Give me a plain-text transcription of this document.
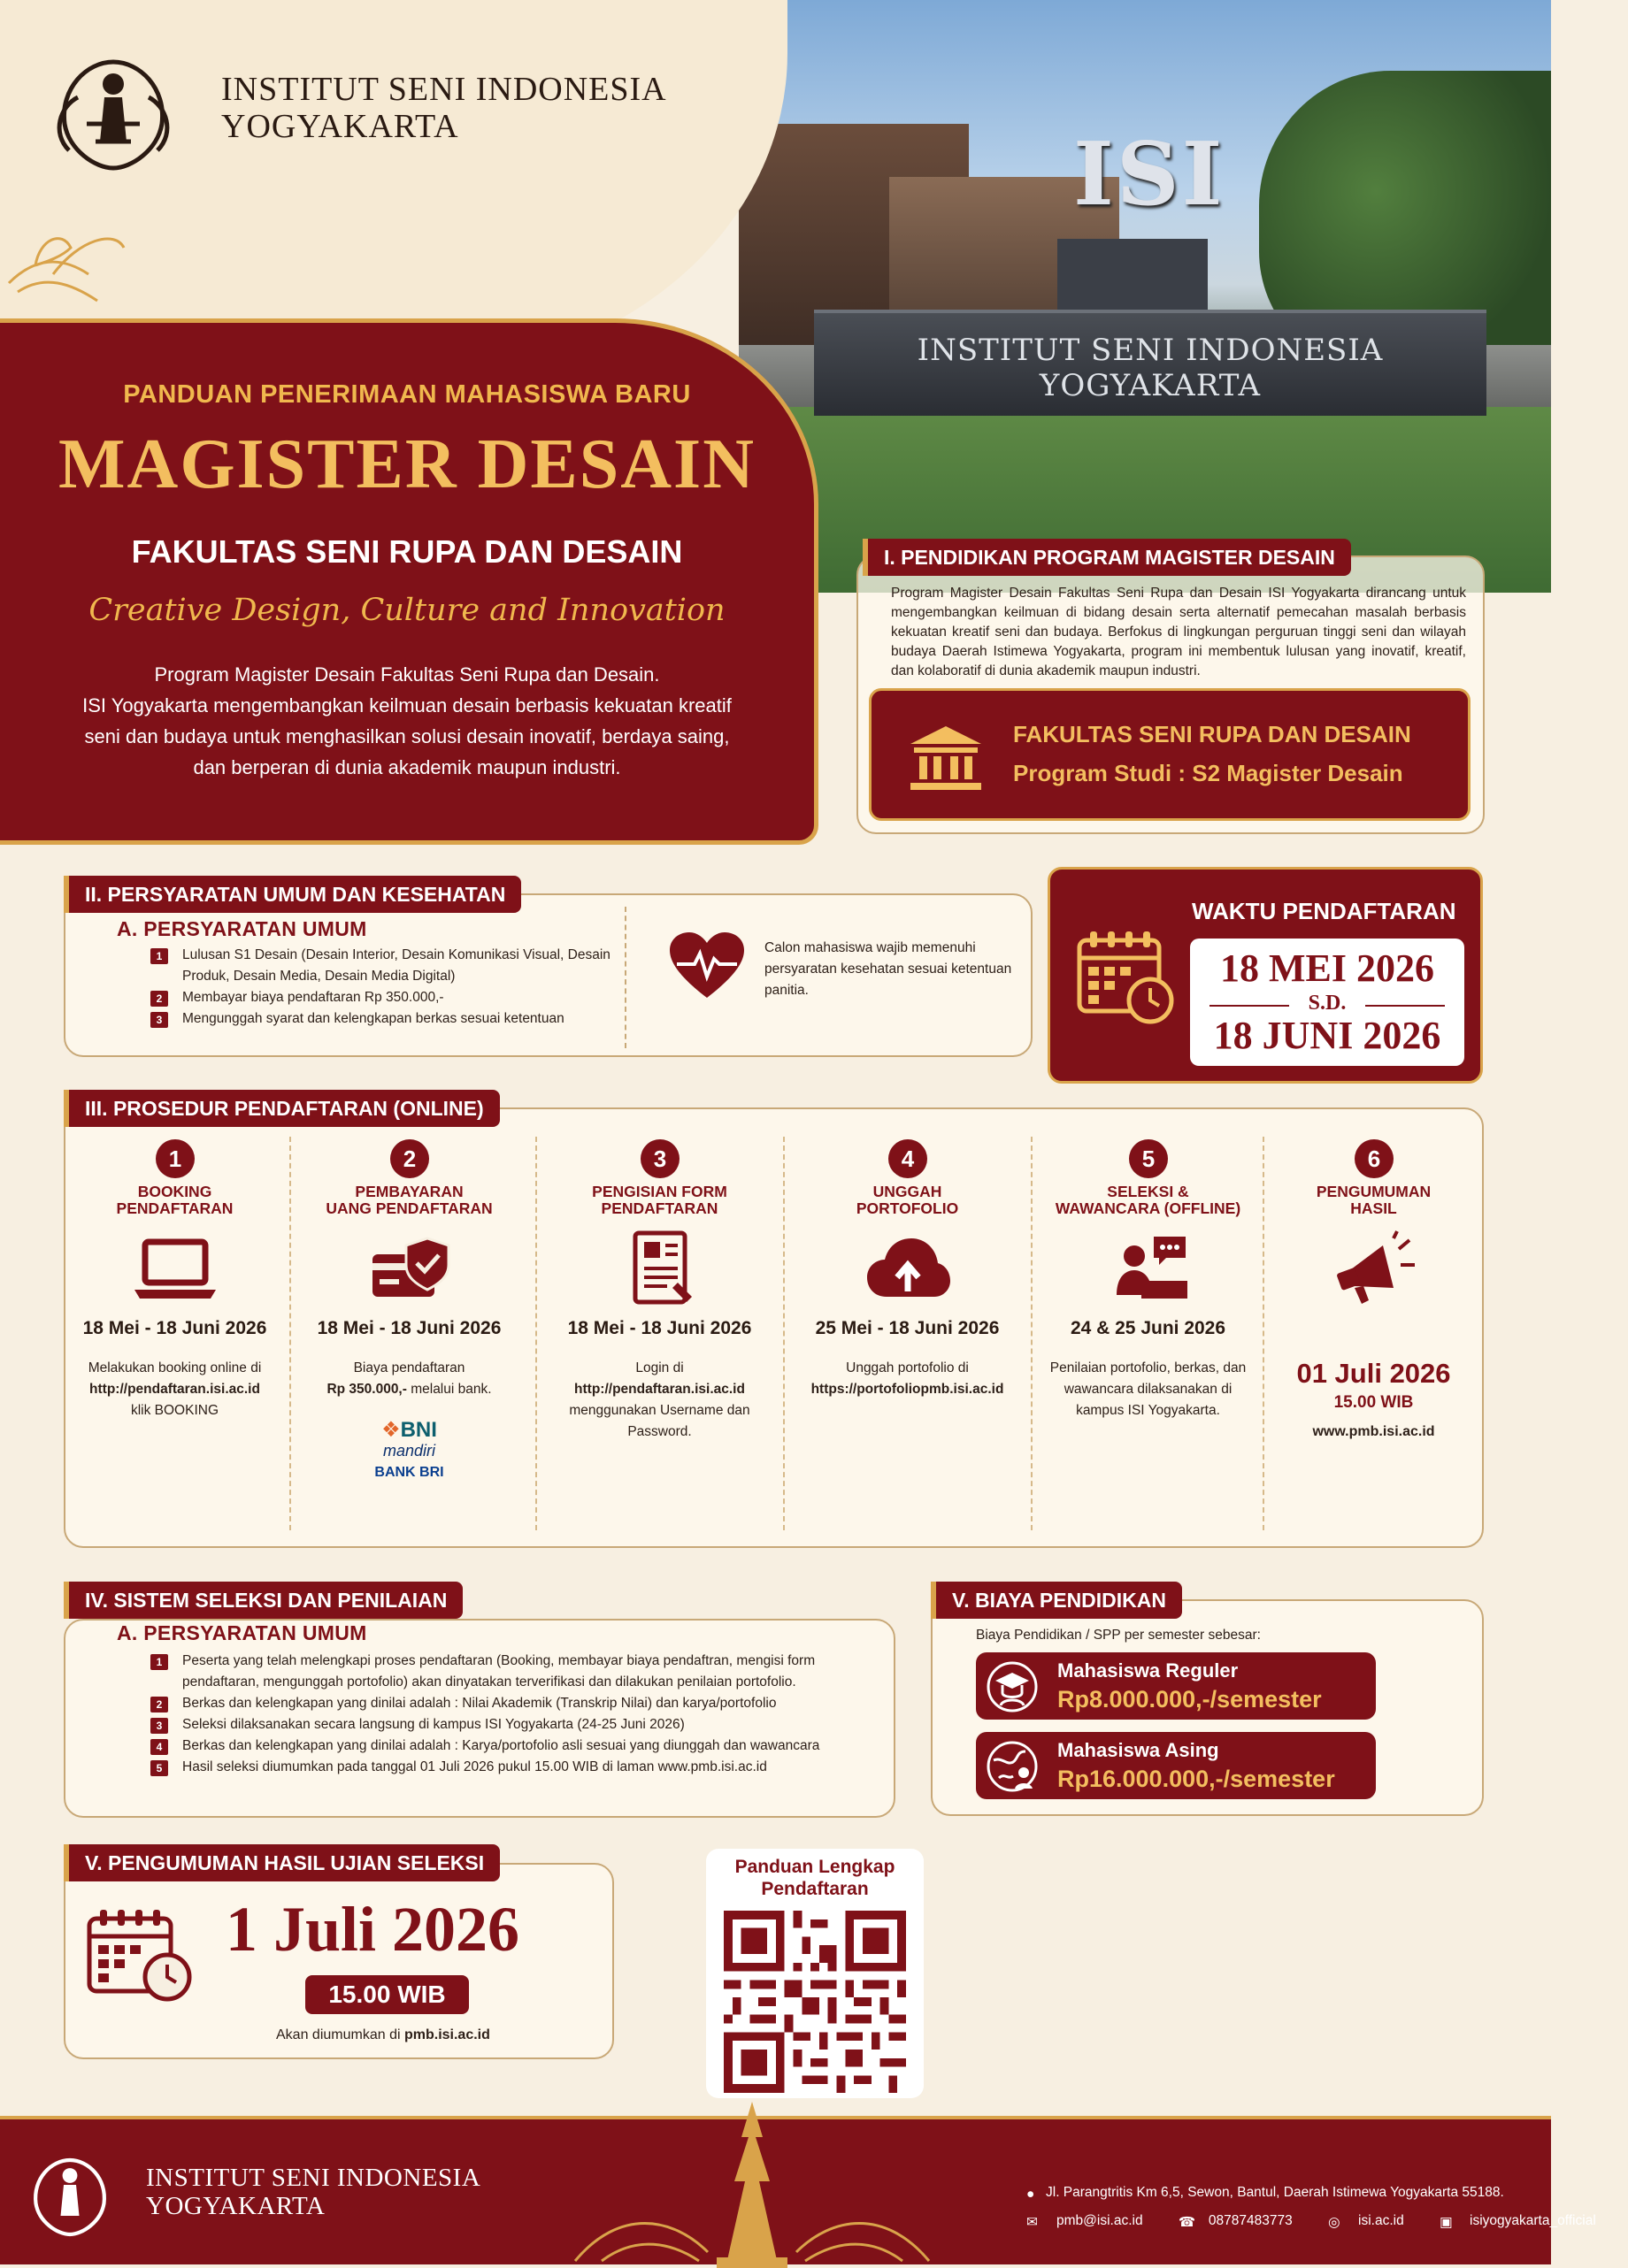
ISI
INSTITUT SENI INDONESIA YOGYAKARTA
INSTITUT SENI INDONESIA
YOGYAKARTA
PANDUAN PENERIMAAN MAHASISWA BARU
MAGISTER DESAIN
FAKULTAS SENI RUPA DAN DESAIN
Creative Design, Culture and Innovation
Program Magister Desain Fakultas Seni Rupa dan Desain.
ISI Yogyakarta mengembangkan keilmuan desain berbasis kekuatan kreatif
seni dan budaya untuk menghasilkan solusi desain inovatif, berdaya saing,
dan berperan di dunia akademik maupun industri.
I. PENDIDIKAN PROGRAM MAGISTER DESAIN
Program Magister Desain Fakultas Seni Rupa dan Desain ISI Yogyakarta dirancang untuk mengembangkan keilmuan di bidang desain serta alternatif pemecahan masalah berbasis kekuatan kreatif seni dan budaya. Berfokus di lingkungan perguruan tinggi seni dan wilayah budaya Daerah Istimewa Yogyakarta, program ini membentuk lulusan yang inovatif, kreatif, dan kolaboratif di dunia akademik maupun industri.
FAKULTAS SENI RUPA DAN DESAIN
Program Studi : S2 Magister Desain
II. PERSYARATAN UMUM DAN KESEHATAN
A. PERSYARATAN UMUM
1	Lulusan S1 Desain (Desain Interior, Desain Komunikasi Visual, Desain Produk, Desain Media, Desain Media Digital)
2	Membayar biaya pendaftaran Rp 350.000,-
3	Mengunggah syarat dan kelengkapan berkas sesuai ketentuan
Calon mahasiswa wajib memenuhi persyaratan kesehatan sesuai ketentuan panitia.
WAKTU PENDAFTARAN
18 MEI 2026
S.D.
18 JUNI 2026
III. PROSEDUR PENDAFTARAN (ONLINE)
1
BOOKING
PENDAFTARAN
18 Mei - 18 Juni 2026
Melakukan booking online di
http://pendaftaran.isi.ac.id
klik BOOKING
2
PEMBAYARAN
UANG PENDAFTARAN
18 Mei - 18 Juni 2026
Biaya pendaftaran
Rp 350.000,- melalui bank.
❖BNI
mandiri
BANK BRI
3
PENGISIAN FORM
PENDAFTARAN
18 Mei - 18 Juni 2026
Login di
http://pendaftaran.isi.ac.id
menggunakan Username dan Password.
4
UNGGAH
PORTOFOLIO
25 Mei - 18 Juni 2026
Unggah portofolio di
https://portofoliopmb.isi.ac.id
5
SELEKSI &
WAWANCARA (OFFLINE)
24 & 25 Juni 2026
Penilaian portofolio, berkas, dan wawancara dilaksanakan di kampus ISI Yogyakarta.
6
PENGUMUMAN
HASIL
01 Juli 2026
15.00 WIB
www.pmb.isi.ac.id
IV. SISTEM SELEKSI DAN PENILAIAN
A. PERSYARATAN UMUM
1	Peserta yang telah melengkapi proses pendaftaran (Booking, membayar biaya pendaftran, mengisi form pendaftaran, mengunggah portofolio) akan dinyatakan terverifikasi dan dilakukan penilaian portofolio.
2	Berkas dan kelengkapan yang dinilai adalah : Nilai Akademik (Transkrip Nilai) dan karya/portofolio
3	Seleksi dilaksanakan secara langsung di kampus ISI Yogyakarta (24-25 Juni 2026)
4	Berkas dan kelengkapan yang dinilai adalah : Karya/portofolio asli sesuai yang diunggah dan wawancara
5	Hasil seleksi diumumkan pada tanggal 01 Juli 2026 pukul 15.00 WIB di laman www.pmb.isi.ac.id
V. BIAYA PENDIDIKAN
Biaya Pendidikan / SPP per semester sebesar:
Mahasiswa Reguler
Rp8.000.000,-/semester
Mahasiswa Asing
Rp16.000.000,-/semester
V. PENGUMUMAN HASIL UJIAN SELEKSI
1 Juli 2026
15.00 WIB
Akan diumumkan di pmb.isi.ac.id
Panduan Lengkap
Pendaftaran
INSTITUT SENI INDONESIA
YOGYAKARTA	● Jl. Parangtritis Km 6,5, Sewon, Bantul, Daerah Istimewa Yogyakarta 55188.
✉ pmb@isi.ac.id	☎ 08787483773	◎ isi.ac.id	▣ isiyogyakarta_official
